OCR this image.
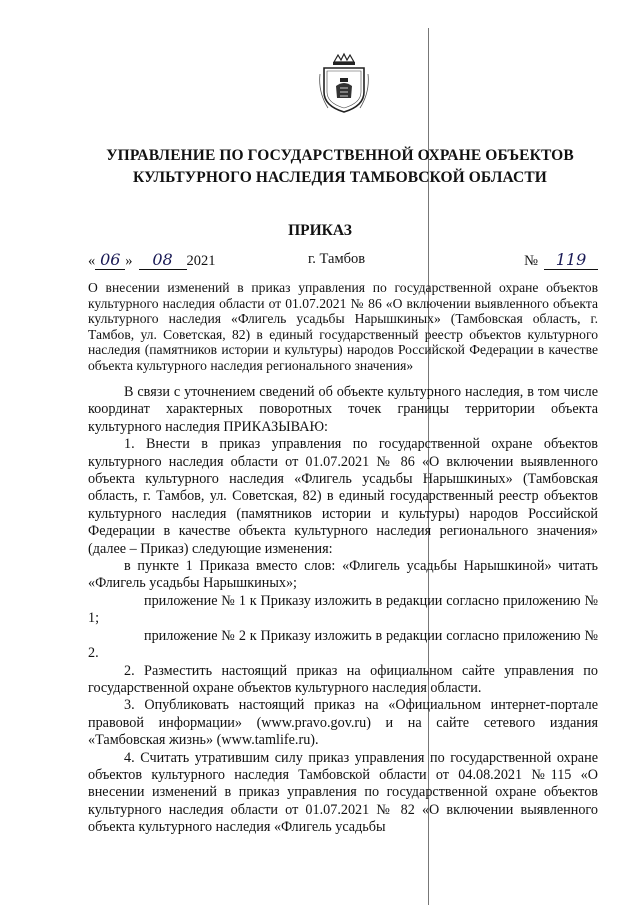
УПРАВЛЕНИЕ ПО ГОСУДАРСТВЕННОЙ ОХРАНЕ ОБЪЕКТОВ
КУЛЬТУРНОГО НАСЛЕДИЯ ТАМБОВСКОЙ ОБЛАСТИ
ПРИКАЗ
« 06 » 08 2021	г. Тамбов	№ 119
О внесении изменений в приказ управления по государственной охране объектов культурного наследия области от 01.07.2021 № 86 «О включении выявленного объекта культурного наследия «Флигель усадьбы Нарышкиных» (Тамбовская область, г. Тамбов, ул. Советская, 82) в единый государственный реестр объектов культурного наследия (памятников истории и культуры) народов Российской Федерации в качестве объекта культурного наследия регионального значения»

В связи с уточнением сведений об объекте культурного наследия, в том числе координат характерных поворотных точек границы территории объекта культурного наследия ПРИКАЗЫВАЮ:

1. Внести в приказ управления по государственной охране объектов культурного наследия области от 01.07.2021 № 86 «О включении выявленного объекта культурного наследия «Флигель усадьбы Нарышкиных» (Тамбовская область, г. Тамбов, ул. Советская, 82) в единый государственный реестр объектов культурного наследия (памятников истории и культуры) народов Российской Федерации в качестве объекта культурного наследия регионального значения» (далее – Приказ) следующие изменения:

в пункте 1 Приказа вместо слов: «Флигель усадьбы Нарышкиной» читать «Флигель усадьбы Нарышкиных»;

приложение № 1 к Приказу изложить в редакции согласно приложению № 1;

приложение № 2 к Приказу изложить в редакции согласно приложению № 2.

2. Разместить настоящий приказ на официальном сайте управления по государственной охране объектов культурного наследия области.

3. Опубликовать настоящий приказ на «Официальном интернет-портале правовой информации» (www.pravo.gov.ru) и на сайте сетевого издания «Тамбовская жизнь» (www.tamlife.ru).

4. Считать утратившим силу приказ управления по государственной охране объектов культурного наследия Тамбовской области от 04.08.2021 №115 «О внесении изменений в приказ управления по государственной охране объектов культурного наследия области от 01.07.2021 № 82 «О включении выявленного объекта культурного наследия «Флигель усадьбы
